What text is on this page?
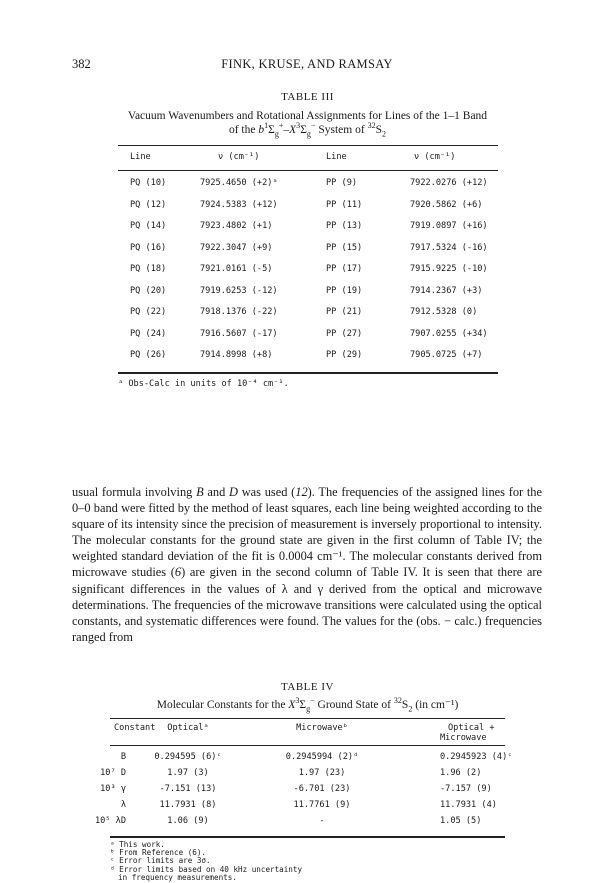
382	FINK, KRUSE, AND RAMSAY
TABLE III
Vacuum Wavenumbers and Rotational Assignments for Lines of the 1–1 Band
of the $b^1\Sigma_g^+-X^3\Sigma_g^-$ System of $^{32}S_2$
Line	ν (cm⁻¹)	Line	ν (cm⁻¹)
PQ (10)	7925.4650 (+2)ᵃ	PP (9)	7922.0276 (+12)
PQ (12)	7924.5383 (+12)	PP (11)	7920.5862 (+6)
PQ (14)	7923.4802 (+1)	PP (13)	7919.0897 (+16)
PQ (16)	7922.3047 (+9)	PP (15)	7917.5324 (-16)
PQ (18)	7921.0161 (-5)	PP (17)	7915.9225 (-10)
PQ (20)	7919.6253 (-12)	PP (19)	7914.2367 (+3)
PQ (22)	7918.1376 (-22)	PP (21)	7912.5328 (0)
PQ (24)	7916.5607 (-17)	PP (27)	7907.0255 (+34)
PQ (26)	7914.8998 (+8)	PP (29)	7905.0725 (+7)
ᵃ Obs-Calc in units of 10⁻⁴ cm⁻¹.

usual formula involving B and D was used (12). The frequencies of the assigned lines for the 0–0 band were fitted by the method of least squares, each line being weighted according to the square of its intensity since the precision of measurement is inversely proportional to intensity. The molecular constants for the ground state are given in the first column of Table IV; the weighted standard deviation of the fit is 0.0004 cm⁻¹. The molecular constants derived from microwave studies (6) are given in the second column of Table IV. It is seen that there are significant differences in the values of λ and γ derived from the optical and microwave determinations. The frequencies of the microwave transitions were calculated using the optical constants, and systematic differences were found. The values for the (obs. − calc.) frequencies ranged from

TABLE IV
Molecular Constants for the $X^3\Sigma_g^-$ Ground State of $^{32}S_2$ (in cm⁻¹)
Constant	Opticalᵃ	Microwaveᵇ	Optical +
Microwave
B	0.294595 (6)ᶜ	0.2945994 (2)ᵈ	0.2945923 (4)ᶜ
10⁷ D	1.97 (3)	1.97 (23)	1.96 (2)
10³ γ	-7.151 (13)	-6.701 (23)	-7.157 (9)
λ	11.7931 (8)	11.7761 (9)	11.7931 (4)
10⁵ λD	1.06 (9)	-	1.05 (5)
ᵃ This work.
ᵇ From Reference (6).
ᶜ Error limits are 3σ.
ᵈ Error limits based on 40 kHz uncertainty
in frequency measurements.
